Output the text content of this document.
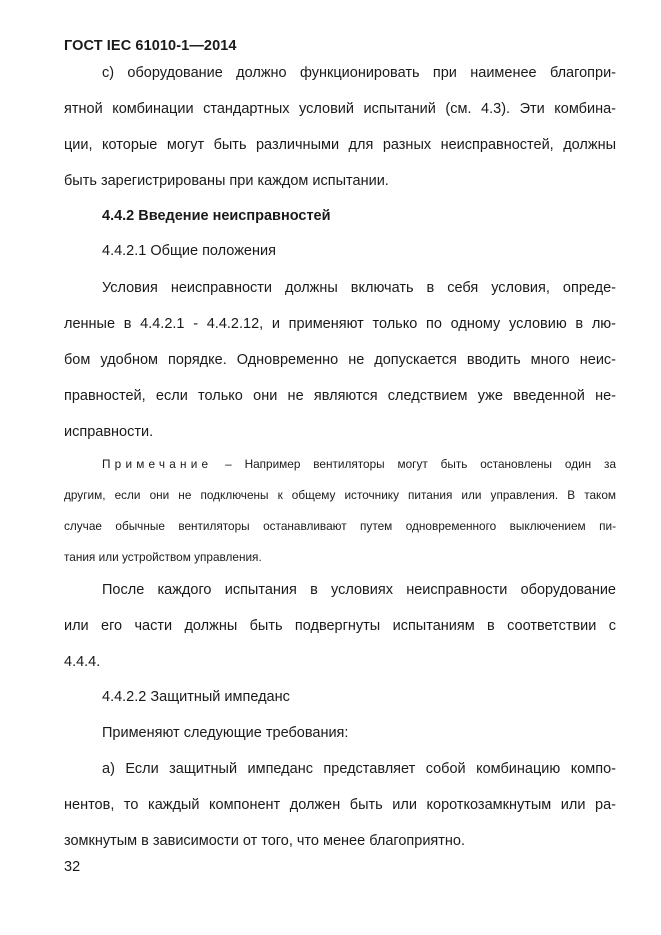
ГОСТ IEC 61010-1—2014
с) оборудование должно функционировать при наименее благопри-
ятной комбинации стандартных условий испытаний (см. 4.3). Эти комбина-
ции, которые могут быть различными для разных неисправностей, должны
быть зарегистрированы при каждом испытании.
4.4.2 Введение неисправностей
4.4.2.1 Общие положения
Условия неисправности должны включать в себя условия, опреде-
ленные в 4.4.2.1 - 4.4.2.12, и применяют только по одному условию в лю-
бом удобном порядке. Одновременно не допускается вводить много неис-
правностей, если только они не являются следствием уже введенной не-
исправности.
Примечание – Например вентиляторы могут быть остановлены один за
другим, если они не подключены к общему источнику питания или управления. В таком
случае обычные вентиляторы останавливают путем одновременного выключением пи-
тания или устройством управления.
После каждого испытания в условиях неисправности оборудование
или его части должны быть подвергнуты испытаниям в соответствии с
4.4.4.
4.4.2.2 Защитный импеданс
Применяют следующие требования:
а) Если защитный импеданс представляет собой комбинацию компо-
нентов, то каждый компонент должен быть или короткозамкнутым или ра-
зомкнутым в зависимости от того, что менее благоприятно.
32
